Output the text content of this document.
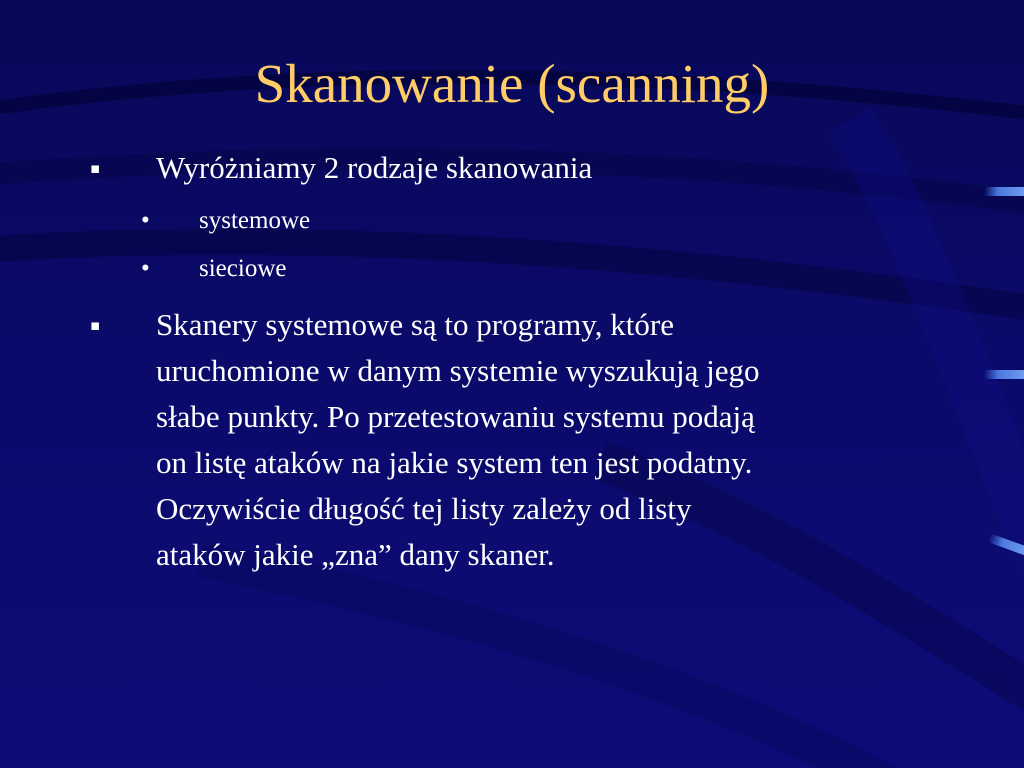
Skanowanie (scanning)
▪ Wyróżniamy 2 rodzaje skanowania
• systemowe
• sieciowe
▪ Skanery systemowe są to programy, które
uruchomione w danym systemie wyszukują jego
słabe punkty. Po przetestowaniu systemu podają
on listę ataków na jakie system ten jest podatny.
Oczywiście długość tej listy zależy od listy
ataków jakie „zna” dany skaner.
